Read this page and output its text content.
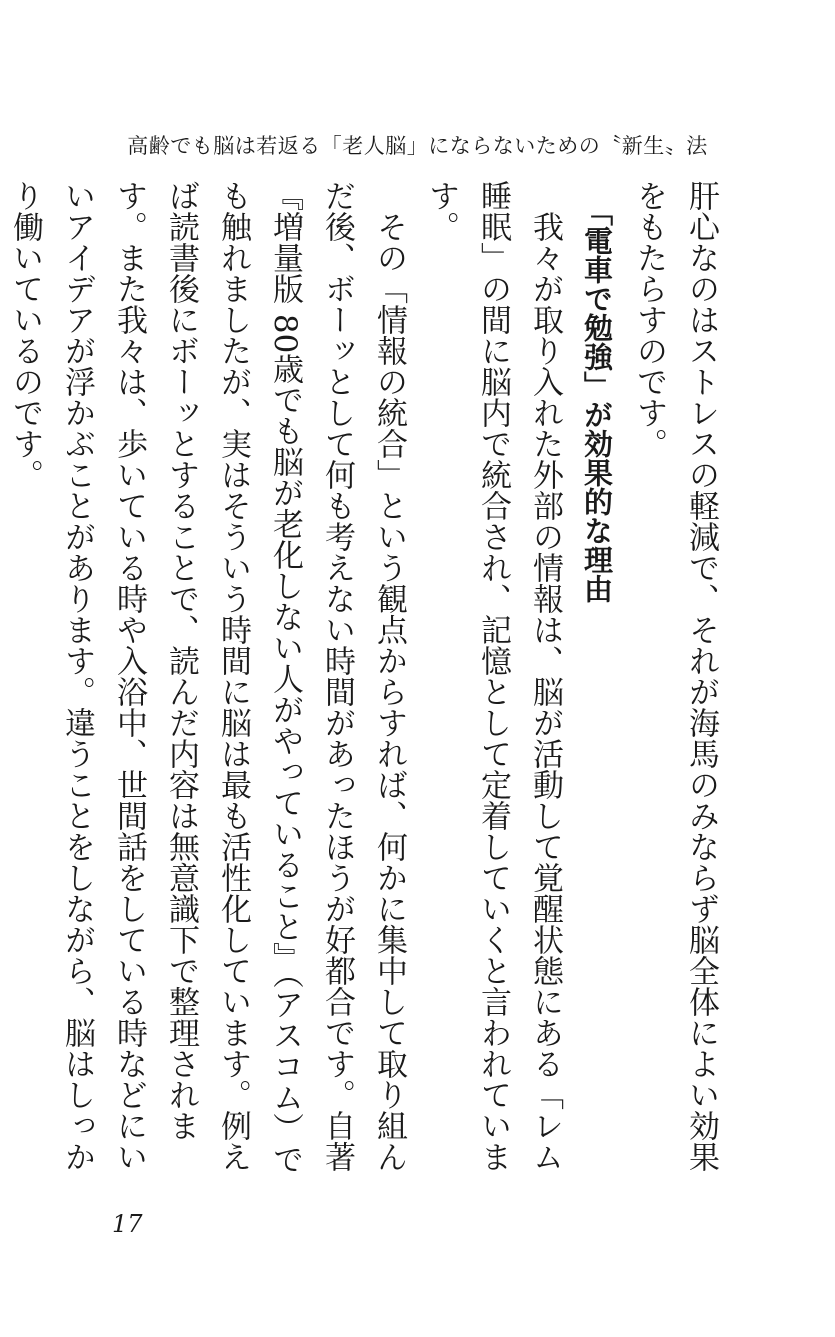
高齢でも脳は若返る「老人脳」にならないための〝新生〟法

肝心なのはストレスの軽減で、それが海馬のみならず脳全体によい効果をもたらすのです。

「電車で勉強」が効果的な理由

我々が取り入れた外部の情報は、脳が活動して覚醒状態にある「レム睡眠」の間に脳内で統合され、記憶として定着していくと言われています。

その「情報の統合」という観点からすれば、何かに集中して取り組んだ後、ボーッとして何も考えない時間があったほうが好都合です。自著『増量版 80歳でも脳が老化しない人がやっていること』（アスコム）でも触れましたが、実はそういう時間に脳は最も活性化しています。例えば読書後にボーッとすることで、読んだ内容は無意識下で整理されます。また我々は、歩いている時や入浴中、世間話をしている時などにいいアイデアが浮かぶことがあります。違うことをしながら、脳はしっかり働いているのです。

17
